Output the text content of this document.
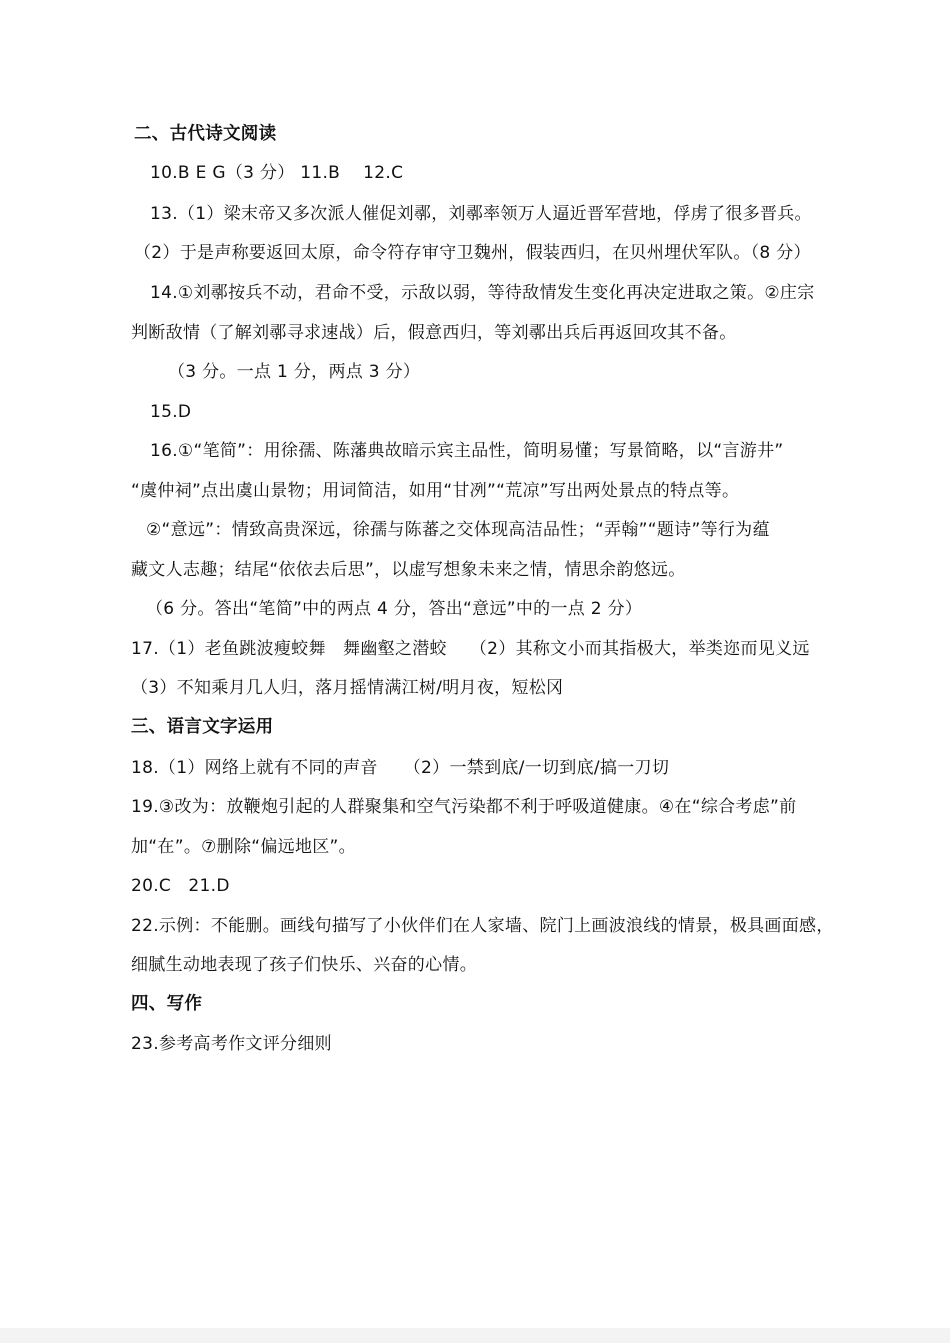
二、古代诗文阅读
10.B E G（3 分） 11.B　 12.C
13.（1）梁末帝又多次派人催促刘鄩，刘鄩率领万人逼近晋军营地，俘虏了很多晋兵。
（2）于是声称要返回太原，命令符存审守卫魏州，假装西归，在贝州埋伏军队。（8 分）
14.①刘鄩按兵不动，君命不受，示敌以弱，等待敌情发生变化再决定进取之策。②庄宗
判断敌情（了解刘鄩寻求速战）后，假意西归，等刘鄩出兵后再返回攻其不备。
（3 分。一点 1 分，两点 3 分）
15.D
16.①“笔简”：用徐孺、陈藩典故暗示宾主品性，简明易懂；写景简略，以“言游井”
“虞仲祠”点出虞山景物；用词简洁，如用“甘冽”“荒凉”写出两处景点的特点等。
②“意远”：情致高贵深远，徐孺与陈蕃之交体现高洁品性；“弄翰”“题诗”等行为蕴
藏文人志趣；结尾“依依去后思”，以虚写想象未来之情，情思余韵悠远。
（6 分。答出“笔简”中的两点 4 分，答出“意远”中的一点 2 分）
17.（1）老鱼跳波瘦蛟舞　舞幽壑之潜蛟　 （2）其称文小而其指极大，举类迩而见义远
（3）不知乘月几人归，落月摇情满江树/明月夜，短松冈
三、语言文字运用
18.（1）网络上就有不同的声音　　（2）一禁到底/一切到底/搞一刀切
19.③改为：放鞭炮引起的人群聚集和空气污染都不利于呼吸道健康。④在“综合考虑”前
加“在”。⑦删除“偏远地区”。
20.C　21.D
22.示例：不能删。画线句描写了小伙伴们在人家墙、院门上画波浪线的情景，极具画面感，
细腻生动地表现了孩子们快乐、兴奋的心情。
四、写作
23.参考高考作文评分细则
